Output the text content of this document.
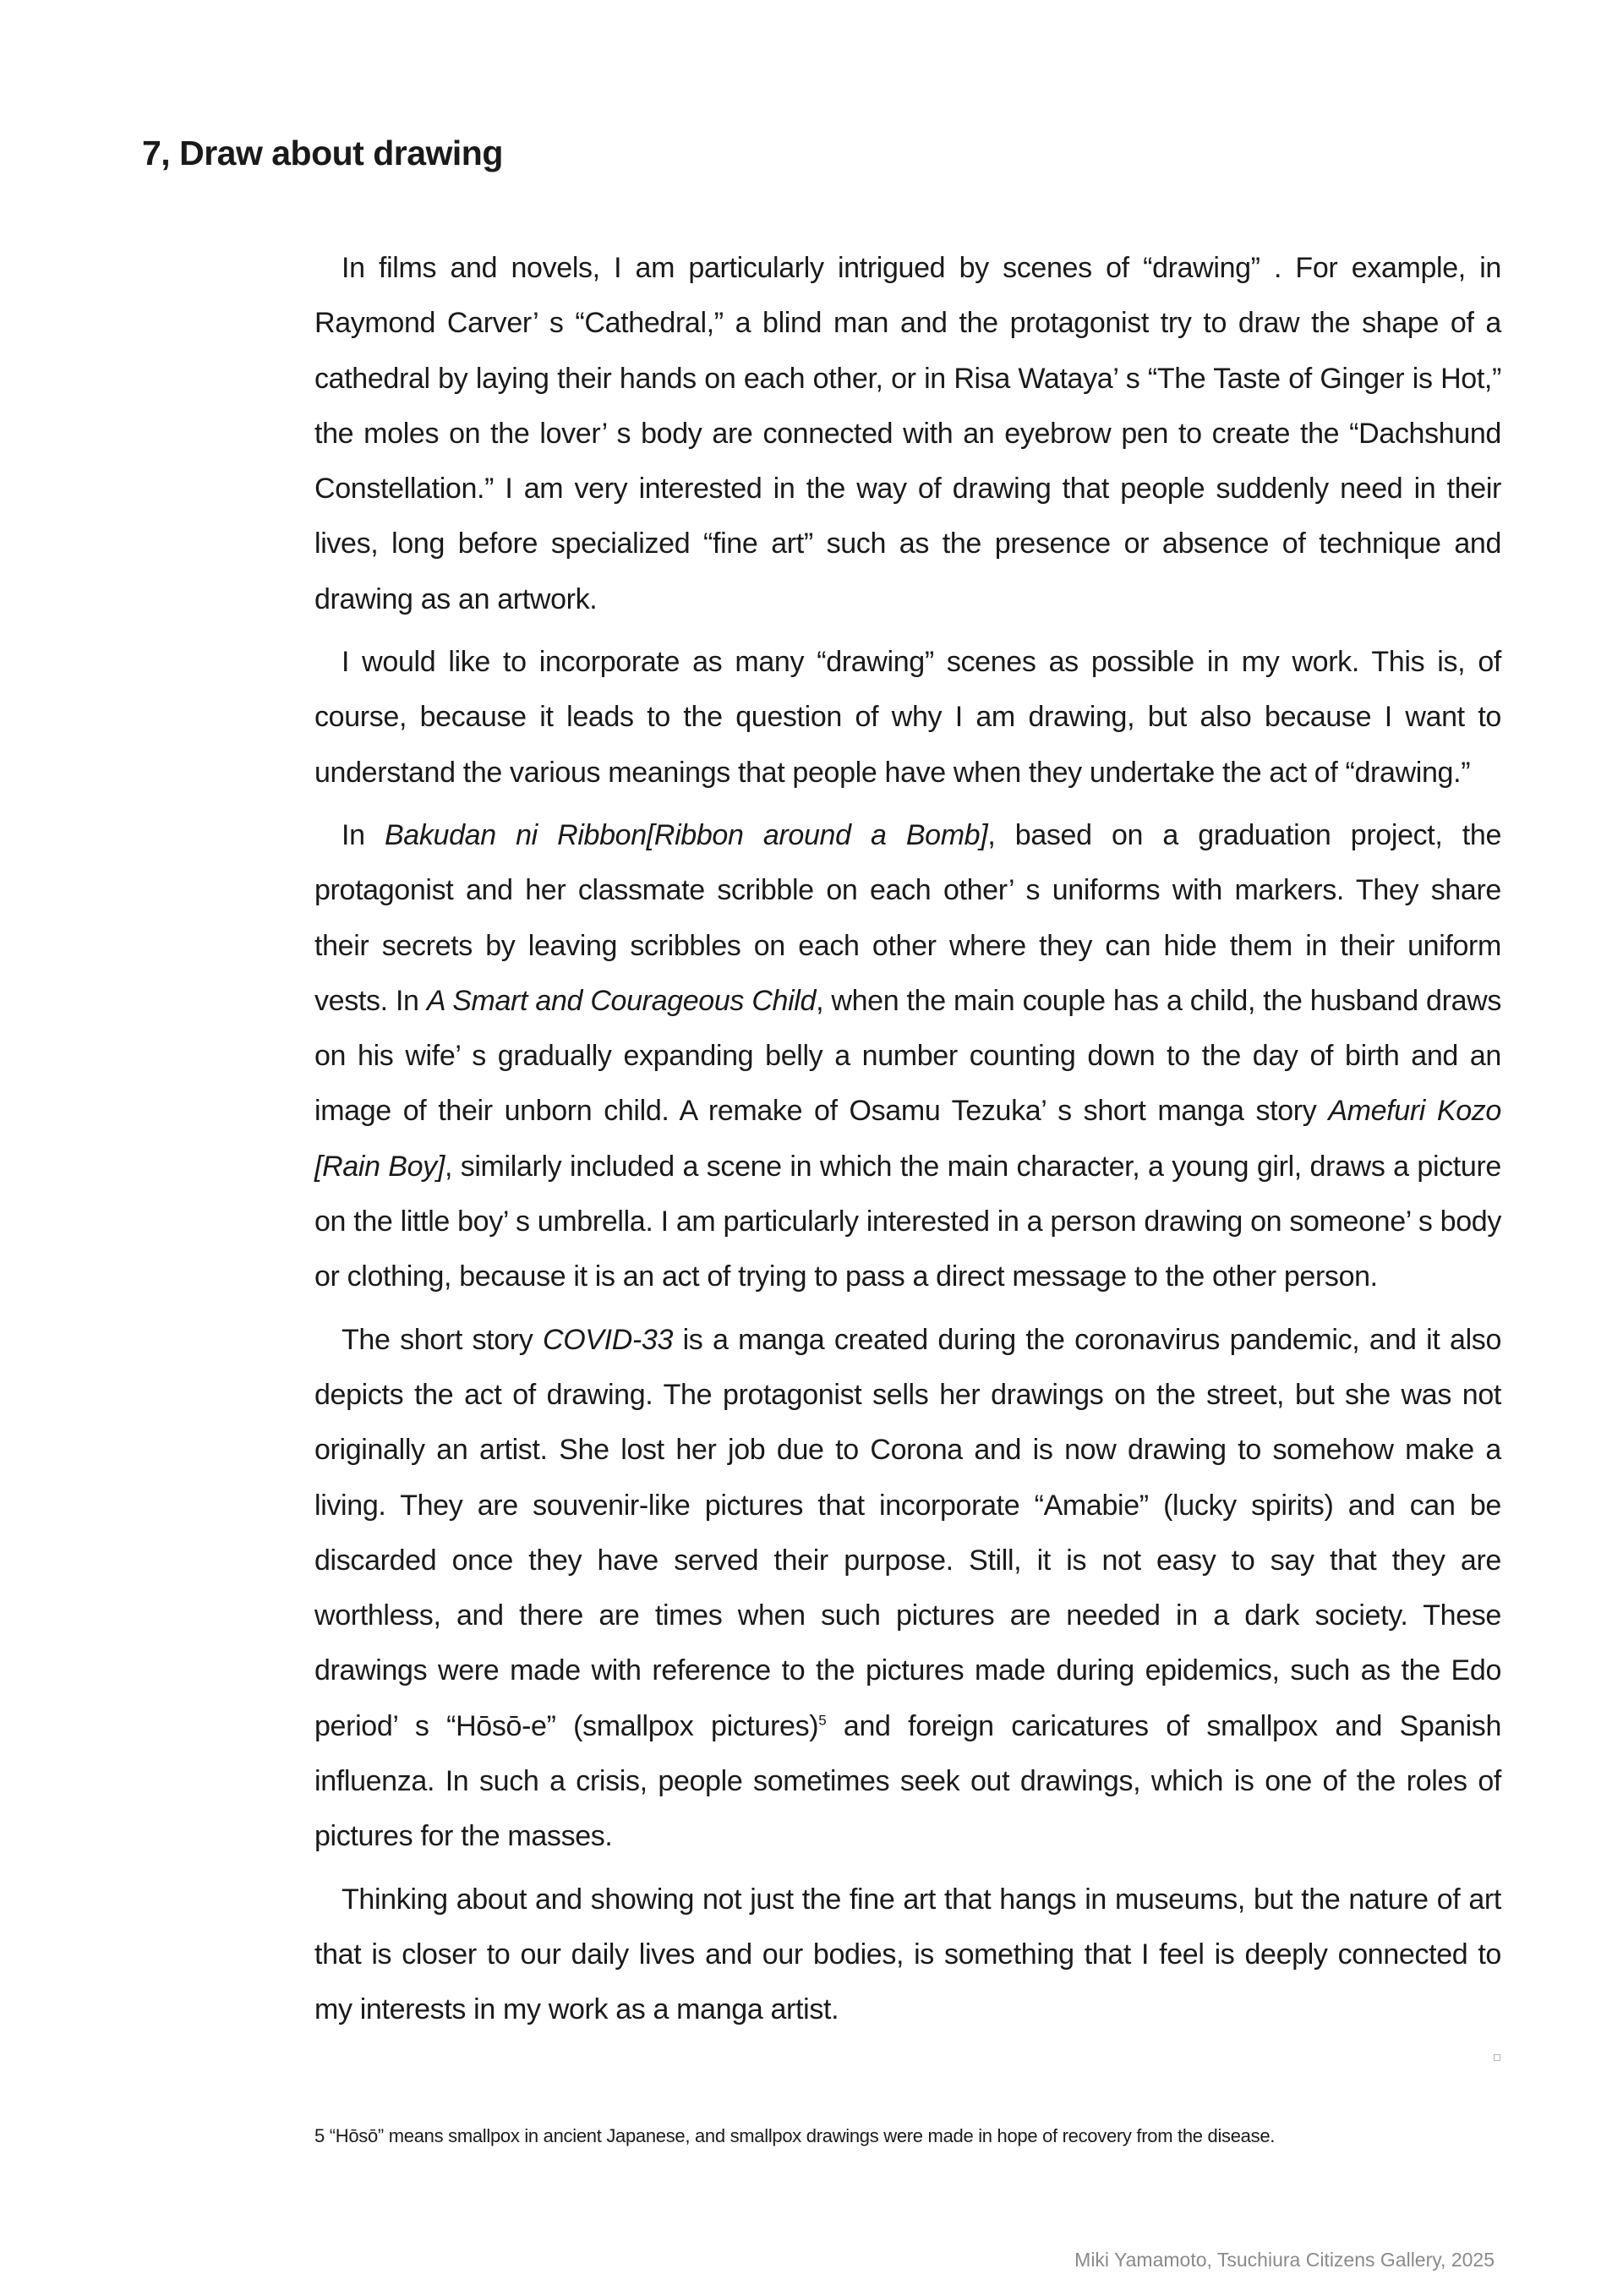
7, Draw about drawing

In films and novels, I am particularly intrigued by scenes of “drawing” . For example, in Raymond Carver’ s “Cathedral,” a blind man and the protagonist try to draw the shape of a cathedral by laying their hands on each other, or in Risa Wataya’ s “The Taste of Ginger is Hot,” the moles on the lover’ s body are connected with an eyebrow pen to create the “Dachshund Constellation.” I am very interested in the way of drawing that people suddenly need in their lives, long before specialized “fine art” such as the presence or absence of technique and drawing as an artwork.

I would like to incorporate as many “drawing” scenes as possible in my work. This is, of course, because it leads to the question of why I am drawing, but also because I want to understand the various meanings that people have when they undertake the act of “drawing.”

In Bakudan ni Ribbon[Ribbon around a Bomb], based on a graduation project, the protagonist and her classmate scribble on each other’ s uniforms with markers. They share their secrets by leaving scribbles on each other where they can hide them in their uniform vests. In A Smart and Courageous Child, when the main couple has a child, the husband draws on his wife’ s gradually expanding belly a number counting down to the day of birth and an image of their unborn child. A remake of Osamu Tezuka’ s short manga story Amefuri Kozo [Rain Boy], similarly included a scene in which the main character, a young girl, draws a picture on the little boy’ s umbrella. I am particularly interested in a person drawing on someone’ s body or clothing, because it is an act of trying to pass a direct message to the other person.

The short story COVID-33 is a manga created during the coronavirus pandemic, and it also depicts the act of drawing. The protagonist sells her drawings on the street, but she was not originally an artist. She lost her job due to Corona and is now drawing to somehow make a living. They are souvenir-like pictures that incorporate “Amabie” (lucky spirits) and can be discarded once they have served their purpose. Still, it is not easy to say that they are worthless, and there are times when such pictures are needed in a dark society. These drawings were made with reference to the pictures made during epidemics, such as the Edo period’ s “Hōsō-e” (smallpox pictures)$^5$ and foreign caricatures of smallpox and Spanish influenza. In such a crisis, people sometimes seek out drawings, which is one of the roles of pictures for the masses.

Thinking about and showing not just the fine art that hangs in museums, but the nature of art that is closer to our daily lives and our bodies, is something that I feel is deeply connected to my interests in my work as a manga artist.

5 “Hōsō” means smallpox in ancient Japanese, and smallpox drawings were made in hope of recovery from the disease.

Miki Yamamoto, Tsuchiura Citizens Gallery, 2025
